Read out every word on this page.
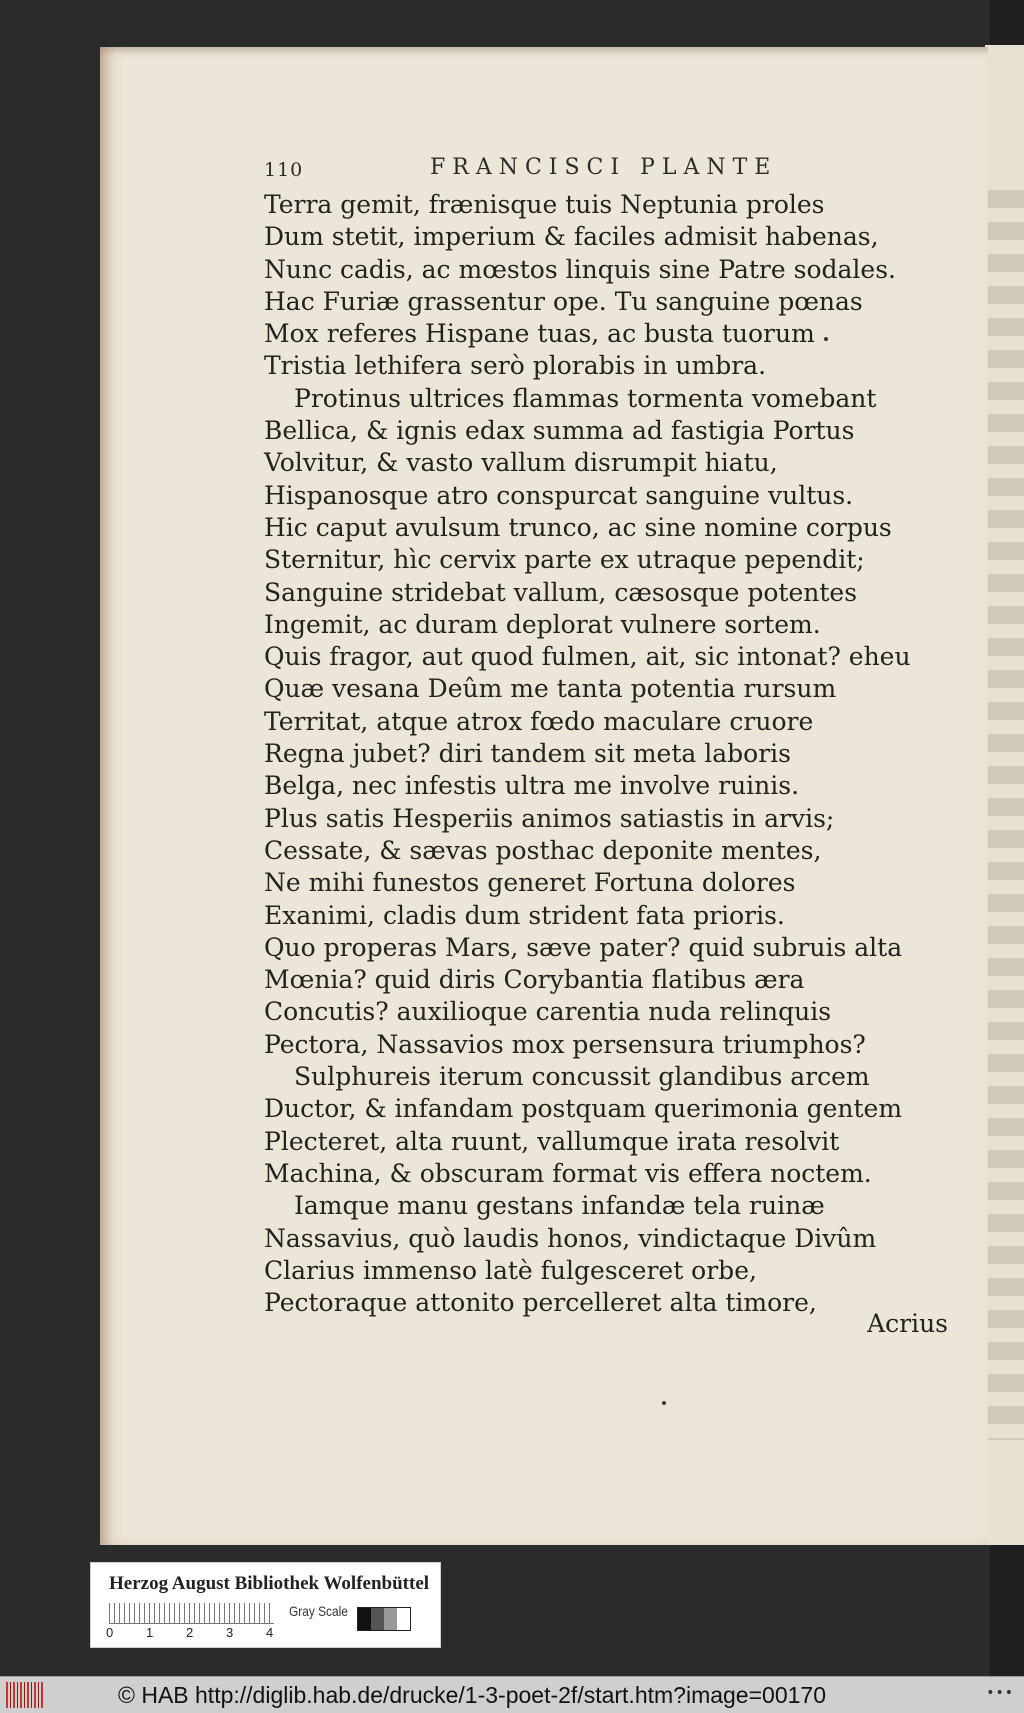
110	FRANCISCI PLANTE
Terra gemit, frænisque tuis Neptunia proles
Dum stetit, imperium & faciles admisit habenas,
Nunc cadis, ac mœstos linquis sine Patre sodales.
Hac Furiæ grassentur ope. Tu sanguine pœnas
Mox referes Hispane tuas, ac busta tuorum
Tristia lethifera serò plorabis in umbra.
Protinus ultrices flammas tormenta vomebant
Bellica, & ignis edax summa ad fastigia Portus
Volvitur, & vasto vallum disrumpit hiatu,
Hispanosque atro conspurcat sanguine vultus.
Hic caput avulsum trunco, ac sine nomine corpus
Sternitur, hìc cervix parte ex utraque pependit;
Sanguine stridebat vallum, cæsosque potentes
Ingemit, ac duram deplorat vulnere sortem.
Quis fragor, aut quod fulmen, ait, sic intonat? eheu
Quæ vesana Deûm me tanta potentia rursum
Territat, atque atrox fœdo maculare cruore
Regna jubet? diri tandem sit meta laboris
Belga, nec infestis ultra me involve ruinis.
Plus satis Hesperiis animos satiastis in arvis;
Cessate, & sævas posthac deponite mentes,
Ne mihi funestos generet Fortuna dolores
Exanimi, cladis dum strident fata prioris.
Quo properas Mars, sæve pater? quid subruis alta
Mœnia? quid diris Corybantia flatibus æra
Concutis? auxilioque carentia nuda relinquis
Pectora, Nassavios mox persensura triumphos?
Sulphureis iterum concussit glandibus arcem
Ductor, & infandam postquam querimonia gentem
Plecteret, alta ruunt, vallumque irata resolvit
Machina, & obscuram format vis effera noctem.
Iamque manu gestans infandæ tela ruinæ
Nassavius, quò laudis honos, vindictaque Divûm
Clarius immenso latè fulgesceret orbe,
Pectoraque attonito percelleret alta timore,
Acrius
Herzog August Bibliothek Wolfenbüttel
0	1	2	3	4
Gray Scale
© HAB http://diglib.hab.de/drucke/1-3-poet-2f/start.htm?image=00170	•••
